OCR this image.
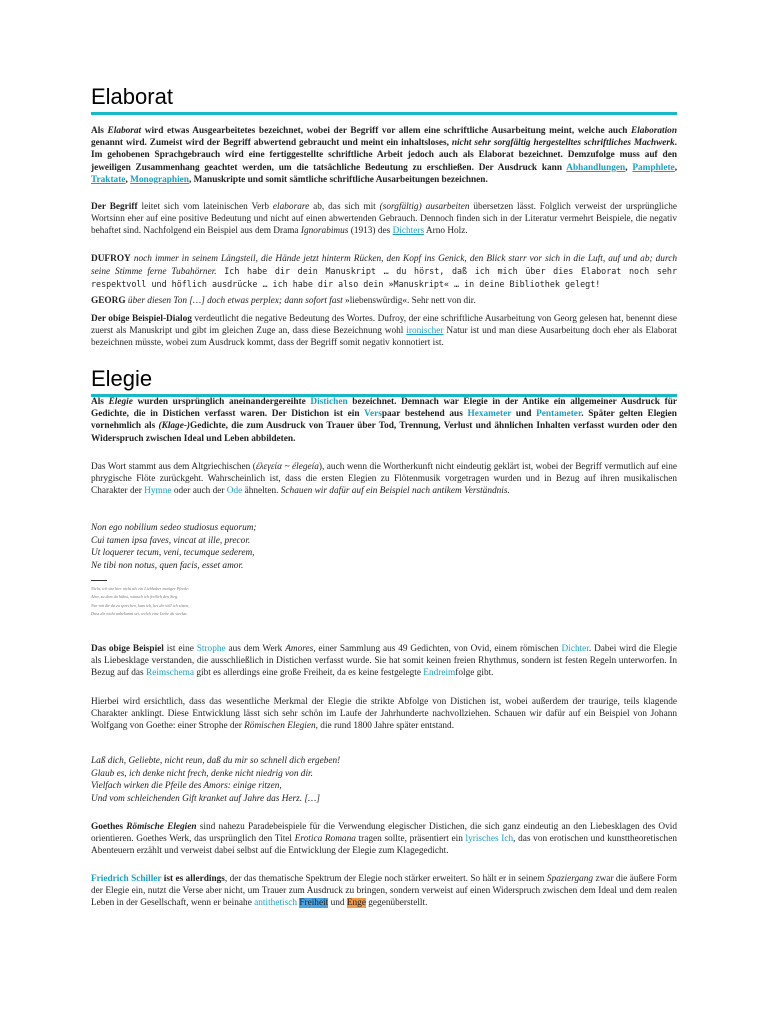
Elaborat

Als Elaborat wird etwas Ausgearbeitetes bezeichnet, wobei der Begriff vor allem eine schriftliche Ausarbeitung meint, welche auch Elaboration genannt wird. Zumeist wird der Begriff abwertend gebraucht und meint ein inhaltsloses, nicht sehr sorgfältig hergestelltes schriftliches Machwerk. Im gehobenen Sprachgebrauch wird eine fertiggestellte schriftliche Arbeit jedoch auch als Elaborat bezeichnet. Demzufolge muss auf den jeweiligen Zusammenhang geachtet werden, um die tatsächliche Bedeutung zu erschließen. Der Ausdruck kann Abhandlungen, Pamphlete, Traktate, Monographien, Manuskripte und somit sämtliche schriftliche Ausarbeitungen bezeichnen.

Der Begriff leitet sich vom lateinischen Verb elaborare ab, das sich mit (sorgfältig) ausarbeiten übersetzen lässt. Folglich verweist der ursprüngliche Wortsinn eher auf eine positive Bedeutung und nicht auf einen abwertenden Gebrauch. Dennoch finden sich in der Literatur vermehrt Beispiele, die negativ behaftet sind. Nachfolgend ein Beispiel aus dem Drama Ignorabimus (1913) des Dichters Arno Holz.

DUFROY noch immer in seinem Längsteil, die Hände jetzt hinterm Rücken, den Kopf ins Genick, den Blick starr vor sich in die Luft, auf und ab; durch seine Stimme ferne Tubahörner. Ich habe dir dein Manuskript … du hörst, daß ich mich über dies Elaborat noch sehr respektvoll und höflich ausdrücke … ich habe dir also dein »Manuskript« … in deine Bibliothek gelegt!

GEORG über diesen Ton […] doch etwas perplex; dann sofort fast »liebenswürdig«. Sehr nett von dir.

Der obige Beispiel-Dialog verdeutlicht die negative Bedeutung des Wortes. Dufroy, der eine schriftliche Ausarbeitung von Georg gelesen hat, benennt diese zuerst als Manuskript und gibt im gleichen Zuge an, dass diese Bezeichnung wohl ironischer Natur ist und man diese Ausarbeitung doch eher als Elaborat bezeichnen müsste, wobei zum Ausdruck kommt, dass der Begriff somit negativ konnotiert ist.

Elegie

Als Elegie wurden ursprünglich aneinandergereihte Distichen bezeichnet. Demnach war Elegie in der Antike ein allgemeiner Ausdruck für Gedichte, die in Distichen verfasst waren. Der Distichon ist ein Verspaar bestehend aus Hexameter und Pentameter. Später gelten Elegien vornehmlich als (Klage-)Gedichte, die zum Ausdruck von Trauer über Tod, Trennung, Verlust und ähnlichen Inhalten verfasst wurden oder den Widerspruch zwischen Ideal und Leben abbildeten.

Das Wort stammt aus dem Altgriechischen (ἐλεγεία ~ élegeía), auch wenn die Wortherkunft nicht eindeutig geklärt ist, wobei der Begriff vermutlich auf eine phrygische Flöte zurückgeht. Wahrscheinlich ist, dass die ersten Elegien zu Flötenmusik vorgetragen wurden und in Bezug auf ihren musikalischen Charakter der Hymne oder auch der Ode ähnelten. Schauen wir dafür auf ein Beispiel nach antikem Verständnis.

Non ego nobilium sedeo studiosus equorum;
Cui tamen ipsa faves, vincat at ille, precor.
Ut loquerer tecum, veni, tecumque sederem,
Ne tibi non notus, quen facis, esset amor.
Nicht, ich sitz hier nicht als ein Liebhaber mutiger Pferde:
Aber, zu dem du hältst, wünsch ich freilich den Sieg.
Nur mit dir da zu sprechen, kam ich, bei dir will ich sitzen,
Dass dir nicht unbekannt sei, welch eine Liebe du weckst.

Das obige Beispiel ist eine Strophe aus dem Werk Amores, einer Sammlung aus 49 Gedichten, von Ovid, einem römischen Dichter. Dabei wird die Elegie als Liebesklage verstanden, die ausschließlich in Distichen verfasst wurde. Sie hat somit keinen freien Rhythmus, sondern ist festen Regeln unterworfen. In Bezug auf das Reimschema gibt es allerdings eine große Freiheit, da es keine festgelegte Endreimfolge gibt.

Hierbei wird ersichtlich, dass das wesentliche Merkmal der Elegie die strikte Abfolge von Distichen ist, wobei außerdem der traurige, teils klagende Charakter anklingt. Diese Entwicklung lässt sich sehr schön im Laufe der Jahrhunderte nachvollziehen. Schauen wir dafür auf ein Beispiel von Johann Wolfgang von Goethe: einer Strophe der Römischen Elegien, die rund 1800 Jahre später entstand.

Laß dich, Geliebte, nicht reun, daß du mir so schnell dich ergeben!
Glaub es, ich denke nicht frech, denke nicht niedrig von dir.
Vielfach wirken die Pfeile des Amors: einige ritzen,
Und vom schleichenden Gift kranket auf Jahre das Herz. […]

Goethes Römische Elegien sind nahezu Paradebeispiele für die Verwendung elegischer Distichen, die sich ganz eindeutig an den Liebesklagen des Ovid orientieren. Goethes Werk, das ursprünglich den Titel Erotica Romana tragen sollte, präsentiert ein lyrisches Ich, das von erotischen und kunsttheoretischen Abenteuern erzählt und verweist dabei selbst auf die Entwicklung der Elegie zum Klagegedicht.

Friedrich Schiller ist es allerdings, der das thematische Spektrum der Elegie noch stärker erweitert. So hält er in seinem Spaziergang zwar die äußere Form der Elegie ein, nutzt die Verse aber nicht, um Trauer zum Ausdruck zu bringen, sondern verweist auf einen Widerspruch zwischen dem Ideal und dem realen Leben in der Gesellschaft, wenn er beinahe antithetisch Freiheit und Enge gegenüberstellt.
